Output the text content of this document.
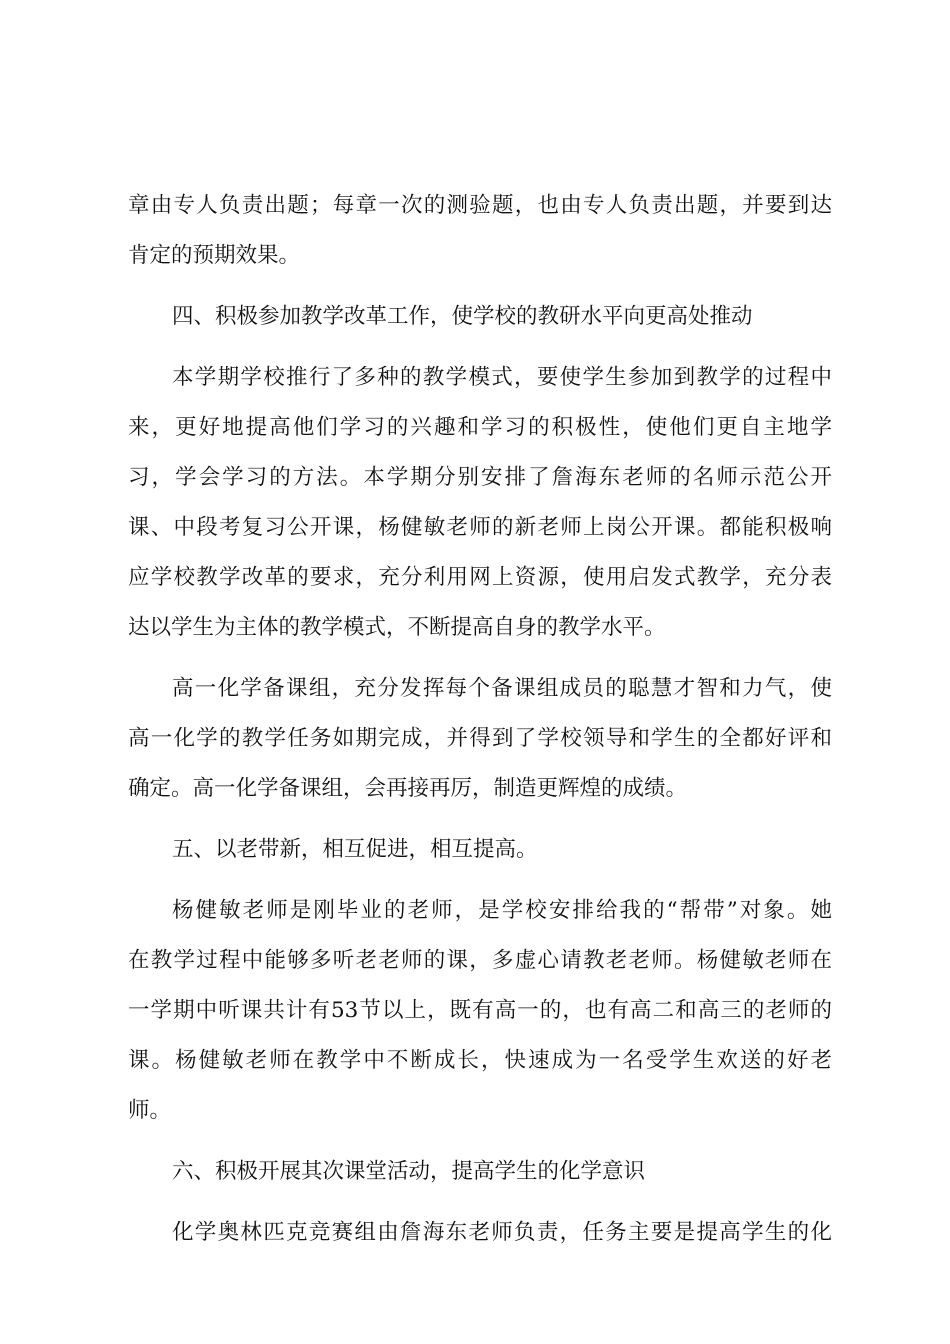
章由专人负责出题；每章一次的测验题，也由专人负责出题，并要到达
肯定的预期效果。
四、积极参加教学改革工作，使学校的教研水平向更高处推动
本学期学校推行了多种的教学模式，要使学生参加到教学的过程中
来，更好地提高他们学习的兴趣和学习的积极性，使他们更自主地学
习，学会学习的方法。本学期分别安排了詹海东老师的名师示范公开
课、中段考复习公开课，杨健敏老师的新老师上岗公开课。都能积极响
应学校教学改革的要求，充分利用网上资源，使用启发式教学，充分表
达以学生为主体的教学模式，不断提高自身的教学水平。
高一化学备课组，充分发挥每个备课组成员的聪慧才智和力气，使
高一化学的教学任务如期完成，并得到了学校领导和学生的全都好评和
确定。高一化学备课组，会再接再厉，制造更辉煌的成绩。
五、以老带新，相互促进，相互提高。
杨健敏老师是刚毕业的老师，是学校安排给我的“帮带”对象。她
在教学过程中能够多听老老师的课，多虚心请教老老师。杨健敏老师在
一学期中听课共计有53节以上，既有高一的，也有高二和高三的老师的
课。杨健敏老师在教学中不断成长，快速成为一名受学生欢送的好老
师。
六、积极开展其次课堂活动，提高学生的化学意识
化学奥林匹克竞赛组由詹海东老师负责，任务主要是提高学生的化
